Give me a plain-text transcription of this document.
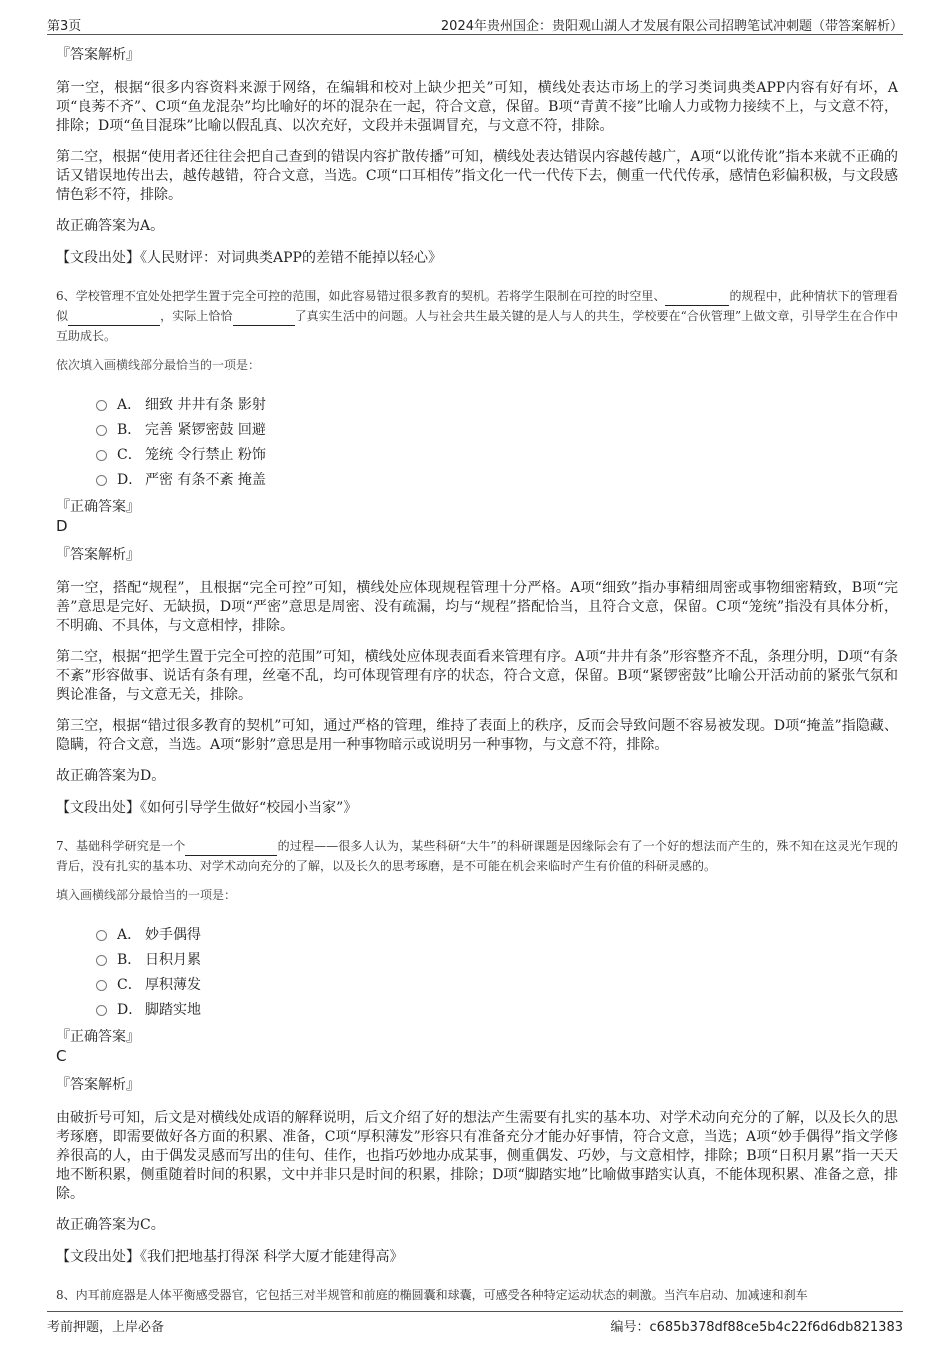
第3页	2024年贵州国企：贵阳观山湖人才发展有限公司招聘笔试冲刺题（带答案解析）
『答案解析』

第一空，根据“很多内容资料来源于网络，在编辑和校对上缺少把关”可知，横线处表达市场上的学习类词典类APP内容有好有坏，A项“良莠不齐”、C项“鱼龙混杂”均比喻好的坏的混杂在一起，符合文意，保留。B项“青黄不接”比喻人力或物力接续不上，与文意不符，排除；D项“鱼目混珠”比喻以假乱真、以次充好，文段并未强调冒充，与文意不符，排除。

第二空，根据“使用者还往往会把自己查到的错误内容扩散传播”可知，横线处表达错误内容越传越广，A项“以讹传讹”指本来就不正确的话又错误地传出去，越传越错，符合文意，当选。C项“口耳相传”指文化一代一代传下去，侧重一代代传承，感情色彩偏积极，与文段感情色彩不符，排除。

故正确答案为A。

【文段出处】《人民财评：对词典类APP的差错不能掉以轻心》

6、学校管理不宜处处把学生置于完全可控的范围，如此容易错过很多教育的契机。若将学生限制在可控的时空里、	的规程中，此种情状下的管理看似	，实际上恰恰	了真实生活中的问题。人与社会共生最关键的是人与人的共生，学校要在“合伙管理”上做文章，引导学生在合作中互助成长。

依次填入画横线部分最恰当的一项是：

A． 细致 井井有条 影射
B． 完善 紧锣密鼓 回避
C． 笼统 令行禁止 粉饰
D． 严密 有条不紊 掩盖
『正确答案』
D
『答案解析』

第一空，搭配“规程”，且根据“完全可控”可知，横线处应体现规程管理十分严格。A项“细致”指办事精细周密或事物细密精致，B项“完善”意思是完好、无缺损，D项“严密”意思是周密、没有疏漏，均与“规程”搭配恰当，且符合文意，保留。C项“笼统”指没有具体分析，不明确、不具体，与文意相悖，排除。

第二空，根据“把学生置于完全可控的范围”可知，横线处应体现表面看来管理有序。A项“井井有条”形容整齐不乱，条理分明，D项“有条不紊”形容做事、说话有条有理，丝毫不乱，均可体现管理有序的状态，符合文意，保留。B项“紧锣密鼓”比喻公开活动前的紧张气氛和舆论准备，与文意无关，排除。

第三空，根据“错过很多教育的契机”可知，通过严格的管理，维持了表面上的秩序，反而会导致问题不容易被发现。D项“掩盖”指隐藏、隐瞒，符合文意，当选。A项“影射”意思是用一种事物暗示或说明另一种事物，与文意不符，排除。

故正确答案为D。

【文段出处】《如何引导学生做好“校园小当家”》

7、基础科学研究是一个	的过程——很多人认为，某些科研“大牛”的科研课题是因缘际会有了一个好的想法而产生的，殊不知在这灵光乍现的背后，没有扎实的基本功、对学术动向充分的了解，以及长久的思考琢磨，是不可能在机会来临时产生有价值的科研灵感的。

填入画横线部分最恰当的一项是：

A． 妙手偶得
B． 日积月累
C． 厚积薄发
D． 脚踏实地
『正确答案』
C
『答案解析』

由破折号可知，后文是对横线处成语的解释说明，后文介绍了好的想法产生需要有扎实的基本功、对学术动向充分的了解，以及长久的思考琢磨，即需要做好各方面的积累、准备，C项“厚积薄发”形容只有准备充分才能办好事情，符合文意，当选；A项“妙手偶得”指文学修养很高的人，由于偶发灵感而写出的佳句、佳作，也指巧妙地办成某事，侧重偶发、巧妙，与文意相悖，排除；B项“日积月累”指一天天地不断积累，侧重随着时间的积累，文中并非只是时间的积累，排除；D项“脚踏实地”比喻做事踏实认真，不能体现积累、准备之意，排除。

故正确答案为C。

【文段出处】《我们把地基打得深 科学大厦才能建得高》

8、内耳前庭器是人体平衡感受器官，它包括三对半规管和前庭的椭圆囊和球囊，可感受各种特定运动状态的刺激。当汽车启动、加减速和刹车

考前押题，上岸必备	编号：c685b378df88ce5b4c22f6d6db821383
